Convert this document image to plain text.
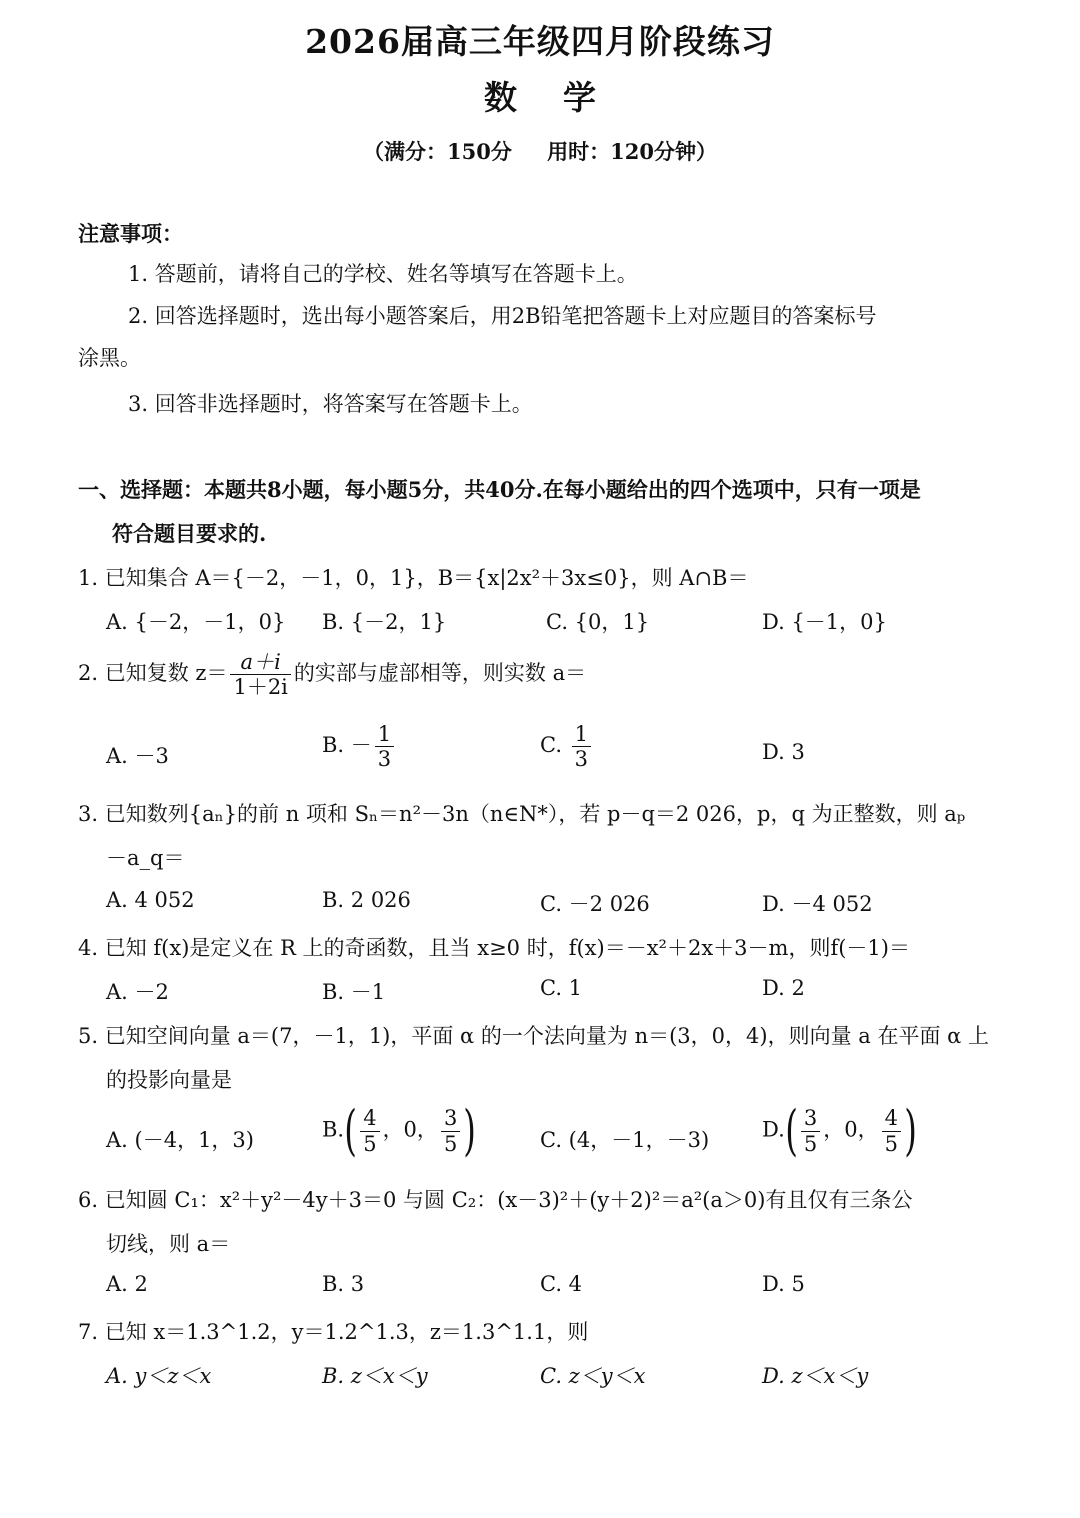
2026届高三年级四月阶段练习
数学
（满分：150分 用时：120分钟）
注意事项：
1. 答题前，请将自己的学校、姓名等填写在答题卡上。
2. 回答选择题时，选出每小题答案后，用2B铅笔把答题卡上对应题目的答案标号
涂黑。
3. 回答非选择题时，将答案写在答题卡上。
一、选择题：本题共8小题，每小题5分，共40分.在每小题给出的四个选项中，只有一项是
符合题目要求的.
1. 已知集合 A＝{－2，－1，0，1}，B＝{x|2x²＋3x≤0}，则 A∩B＝
A. {－2，－1，0} B. {－2，1}	C. {0，1}	D. {－1，0}
2. 已知复数 $z= \frac{a+i}{1+2i}$ 的实部与虚部相等，则实数 a＝
A. －3	B. － $\frac{1}{3}$	C. $\frac{1}{3}$	D. 3
3. 已知数列{aₙ}的前 n 项和 Sₙ＝n²－3n（n∈N*），若 p－q＝2 026，p，q 为正整数，则 aₚ
－a_q＝
A. 4 052	B. 2 026	C. －2 026	D. －4 052
4. 已知 f(x)是定义在 R 上的奇函数，且当 x≥0 时，f(x)＝－x²＋2x＋3－m，则f(－1)＝
A. －2	B. －1	C. 1	D. 2
5. 已知空间向量 a＝(7，－1，1)，平面 α 的一个法向量为 n＝(3，0，4)，则向量 a 在平面 α 上
的投影向量是
A. (－4，1，3)	$B.( \frac{4}{5}$ ，0， $\frac{3}{5}$ )	C. (4，－1，－3)	$D.( \frac{3}{5}$ ，0， $\frac{4}{5}$ )
6. 已知圆 C₁：x²＋y²－4y＋3＝0 与圆 C₂：(x－3)²＋(y＋2)²＝a²(a＞0)有且仅有三条公
切线，则 a＝
A. 2	B. 3	C. 4	D. 5
7. 已知 x＝1.3^1.2，y＝1.2^1.3，z＝1.3^1.1，则
A. y＜z＜x	B. z＜x＜y	C. z＜y＜x	D. z＜x＜y
